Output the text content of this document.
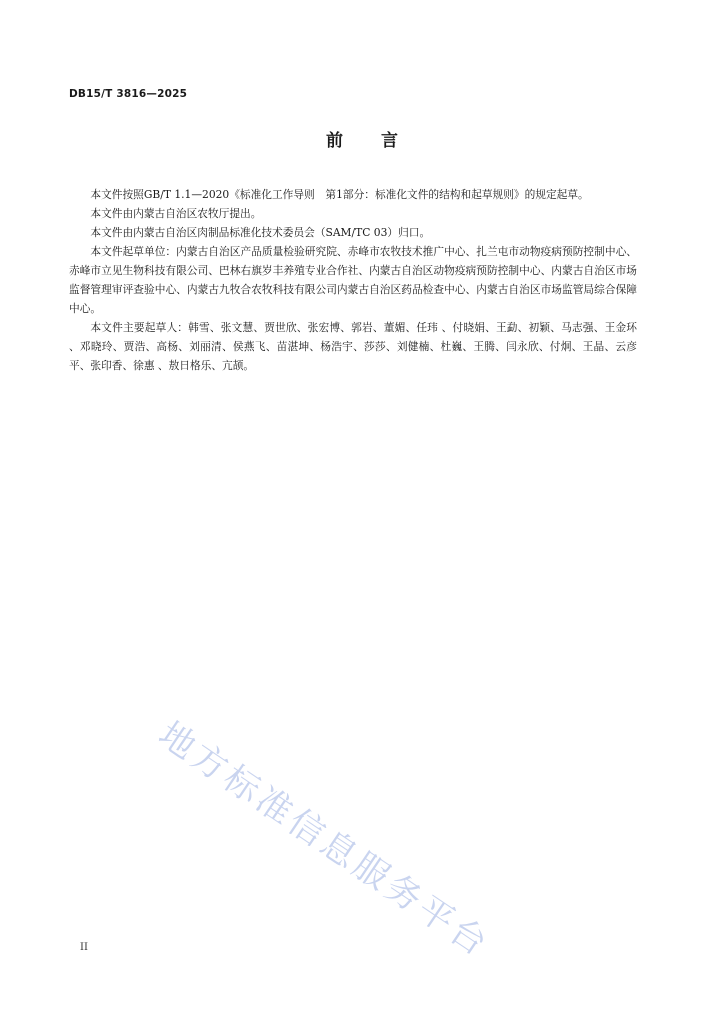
DB15/T 3816—2025
前 言

本文件按照GB/T 1.1—2020《标准化工作导则　第1部分：标准化文件的结构和起草规则》的规定起草。

本文件由内蒙古自治区农牧厅提出。

本文件由内蒙古自治区肉制品标准化技术委员会（SAM/TC 03）归口。

本文件起草单位：内蒙古自治区产品质量检验研究院、赤峰市农牧技术推广中心、扎兰屯市动物疫病预防控制中心、赤峰市立见生物科技有限公司、巴林右旗岁丰养殖专业合作社、内蒙古自治区动物疫病预防控制中心、内蒙古自治区市场监督管理审评查验中心、内蒙古九牧合农牧科技有限公司内蒙古自治区药品检查中心、内蒙古自治区市场监管局综合保障中心。

本文件主要起草人：韩雪、张文慧、贾世欣、张宏博、郭岩、董媚、任玮 、付晓娟、王勐、初颖、马志强、王金环 、邓晓玲、贾浩、高杨、刘丽清、侯燕飞、苗湛坤、杨浩宇、莎莎、刘健楠、杜巍、王腾、闫永欣、付炯、王晶、云彦平、张印香、徐惠 、敖日格乐、亢颉。

地方标准信息服务平台
II
